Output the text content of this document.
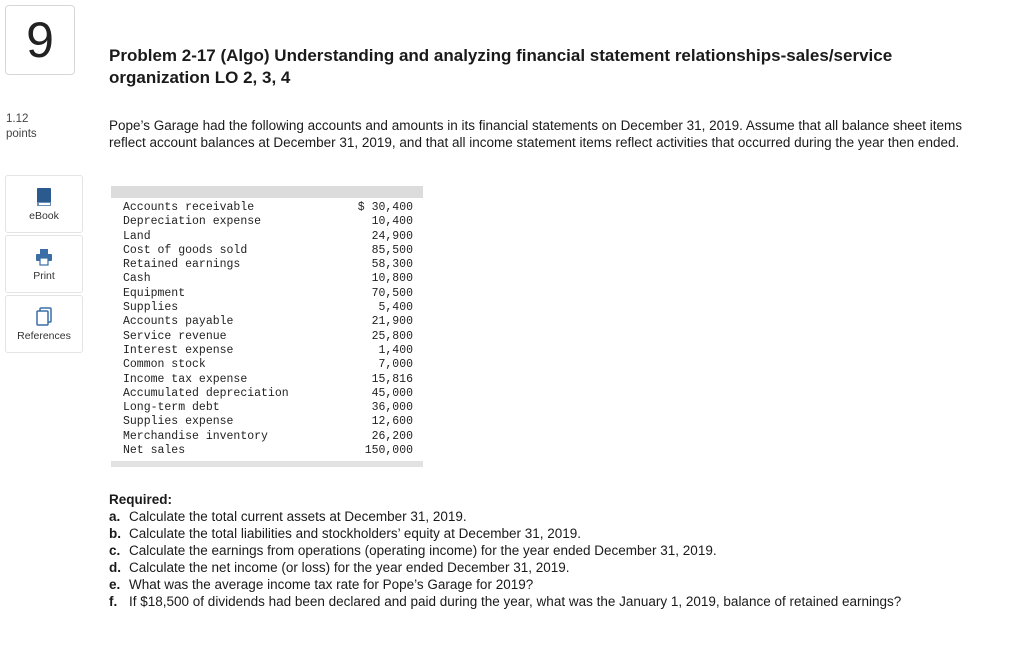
9
1.12
points
eBook
Print
References
Problem 2-17 (Algo) Understanding and analyzing financial statement relationships-sales/service organization LO 2, 3, 4
Pope’s Garage had the following accounts and amounts in its financial statements on December 31, 2019. Assume that all balance sheet items reflect account balances at December 31, 2019, and that all income statement items reflect activities that occurred during the year then ended.
Accounts receivable	$ 30,400
Depreciation expense	10,400
Land	24,900
Cost of goods sold	85,500
Retained earnings	58,300
Cash	10,800
Equipment	70,500
Supplies	5,400
Accounts payable	21,900
Service revenue	25,800
Interest expense	1,400
Common stock	7,000
Income tax expense	15,816
Accumulated depreciation	45,000
Long-term debt	36,000
Supplies expense	12,600
Merchandise inventory	26,200
Net sales	150,000
Required:
a. Calculate the total current assets at December 31, 2019.
b. Calculate the total liabilities and stockholders’ equity at December 31, 2019.
c. Calculate the earnings from operations (operating income) for the year ended December 31, 2019.
d. Calculate the net income (or loss) for the year ended December 31, 2019.
e. What was the average income tax rate for Pope’s Garage for 2019?
f. If $18,500 of dividends had been declared and paid during the year, what was the January 1, 2019, balance of retained earnings?
